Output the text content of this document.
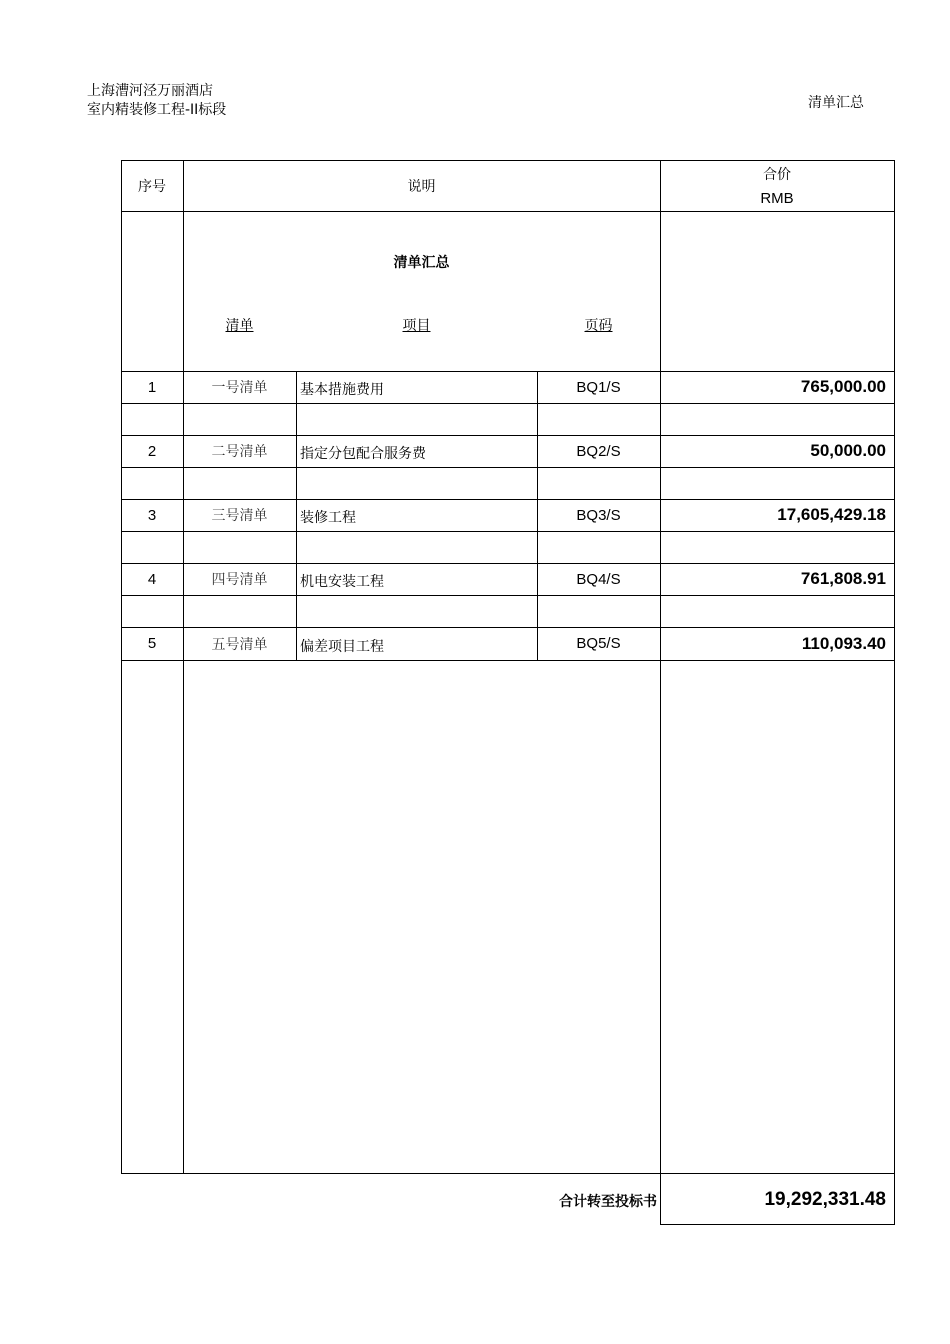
上海漕河泾万丽酒店
室内精装修工程-II标段	清单汇总
序号	说明
合价
RMB
清单汇总
清单	项目	页码
1	一号清单	基本措施费用	BQ1/S	765,000.00
2	二号清单	指定分包配合服务费	BQ2/S	50,000.00
3	三号清单	装修工程	BQ3/S	17,605,429.18
4	四号清单	机电安装工程	BQ4/S	761,808.91
5	五号清单	偏差项目工程	BQ5/S	110,093.40
合计转至投标书	19,292,331.48
